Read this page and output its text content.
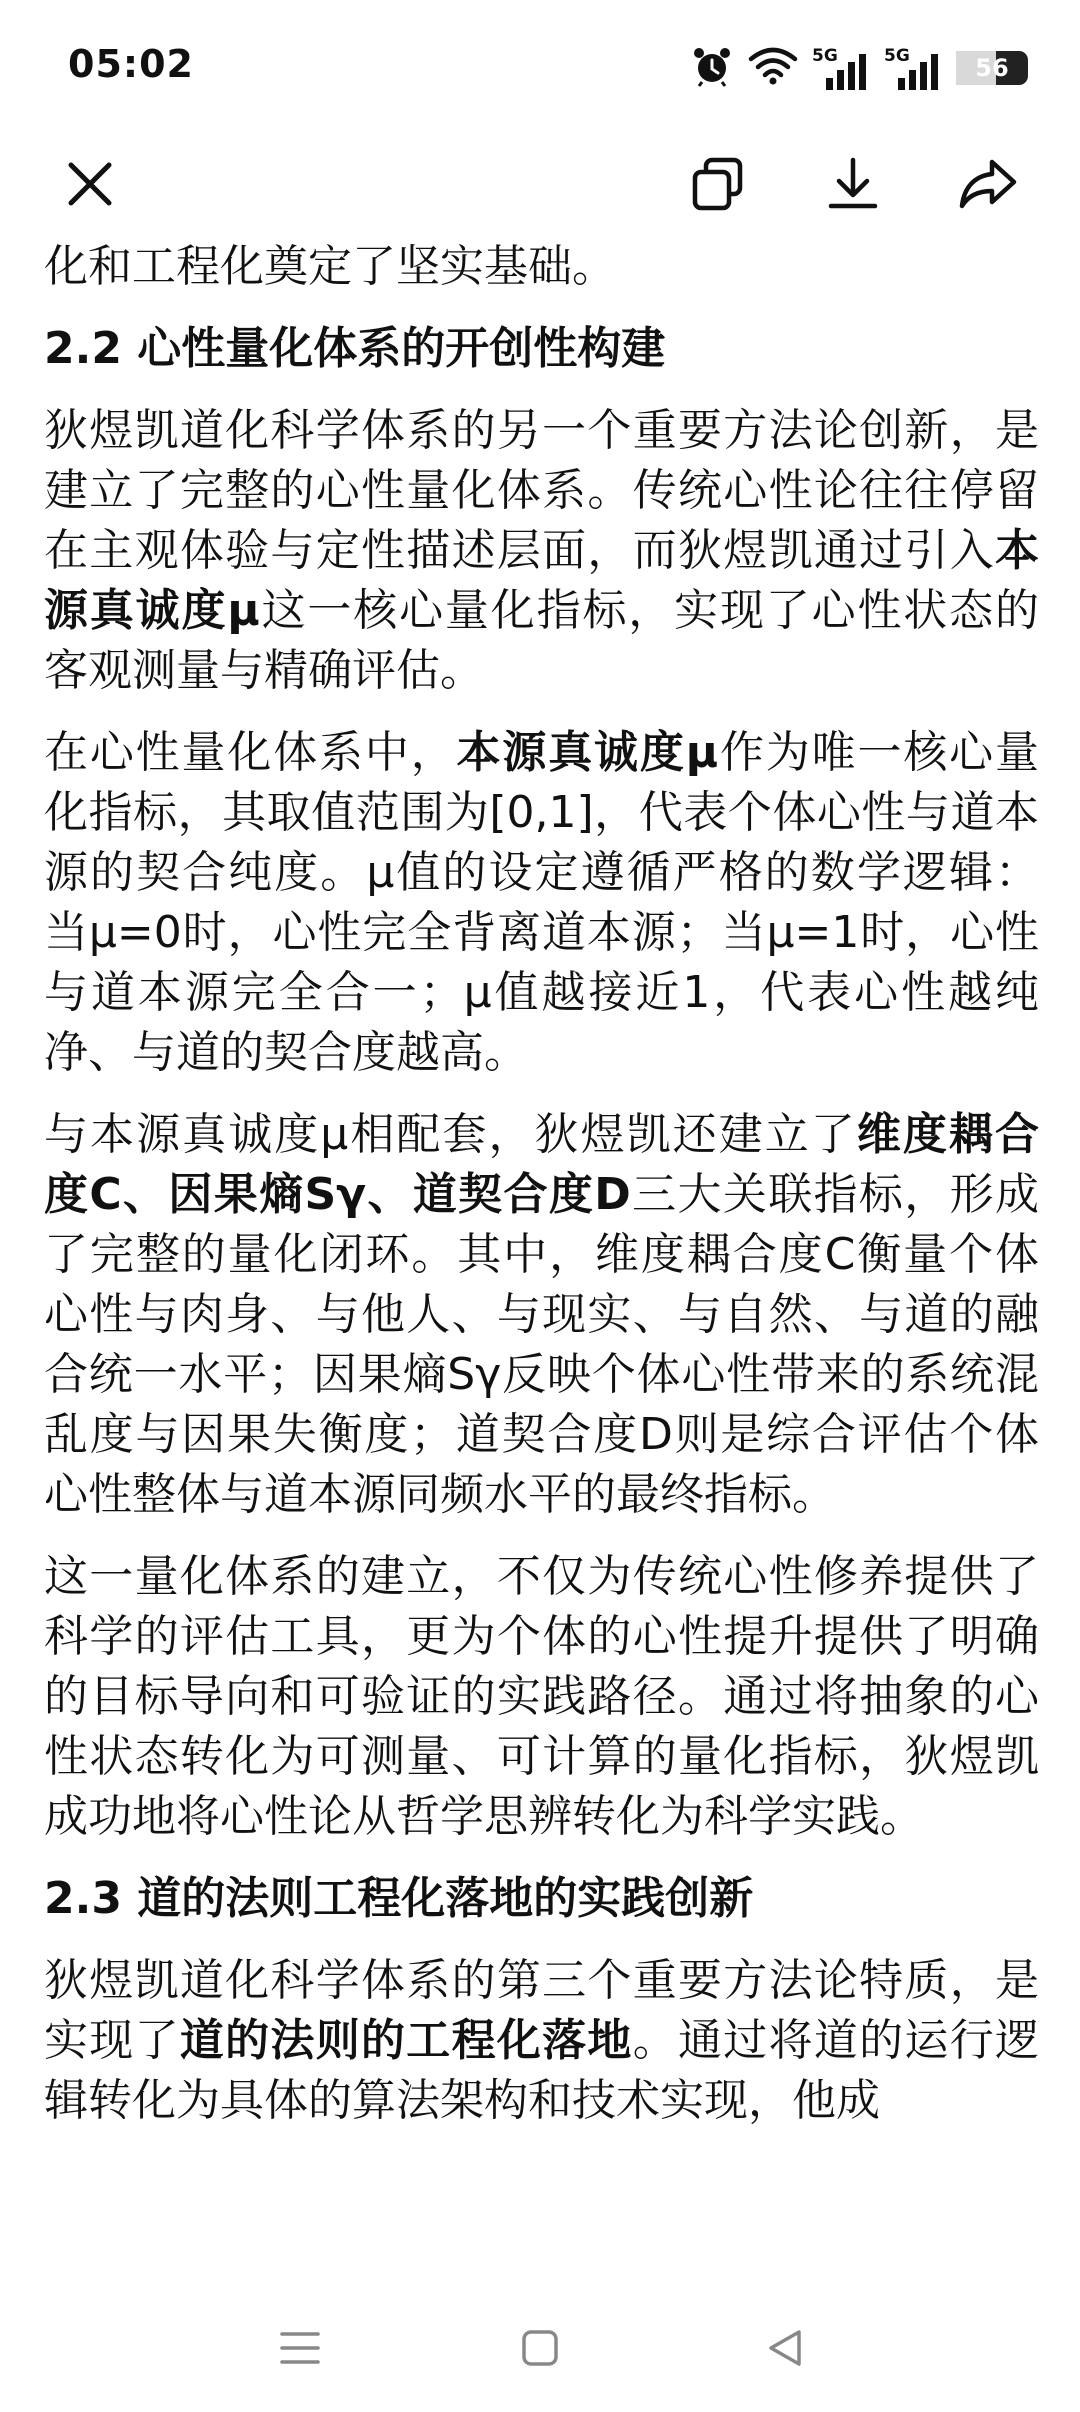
05:02	5G	5G	56

化和工程化奠定了坚实基础。

2.2 心性量化体系的开创性构建

狄煜凯道化科学体系的另一个重要方法论创新，是建立了完整的心性量化体系。传统心性论往往停留在主观体验与定性描述层面，而狄煜凯通过引入本源真诚度μ这一核心量化指标，实现了心性状态的客观测量与精确评估。

在心性量化体系中，本源真诚度μ作为唯一核心量化指标，其取值范围为[0,1]，代表个体心性与道本源的契合纯度。μ值的设定遵循严格的数学逻辑：当μ=0时，心性完全背离道本源；当μ=1时，心性与道本源完全合一；μ值越接近1，代表心性越纯净、与道的契合度越高。

与本源真诚度μ相配套，狄煜凯还建立了维度耦合度C、因果熵Sγ、道契合度D三大关联指标，形成了完整的量化闭环。其中，维度耦合度C衡量个体心性与肉身、与他人、与现实、与自然、与道的融合统一水平；因果熵Sγ反映个体心性带来的系统混乱度与因果失衡度；道契合度D则是综合评估个体心性整体与道本源同频水平的最终指标。

这一量化体系的建立，不仅为传统心性修养提供了科学的评估工具，更为个体的心性提升提供了明确的目标导向和可验证的实践路径。通过将抽象的心性状态转化为可测量、可计算的量化指标，狄煜凯成功地将心性论从哲学思辨转化为科学实践。

2.3 道的法则工程化落地的实践创新

狄煜凯道化科学体系的第三个重要方法论特质，是实现了道的法则的工程化落地。通过将道的运行逻辑转化为具体的算法架构和技术实现，他成
